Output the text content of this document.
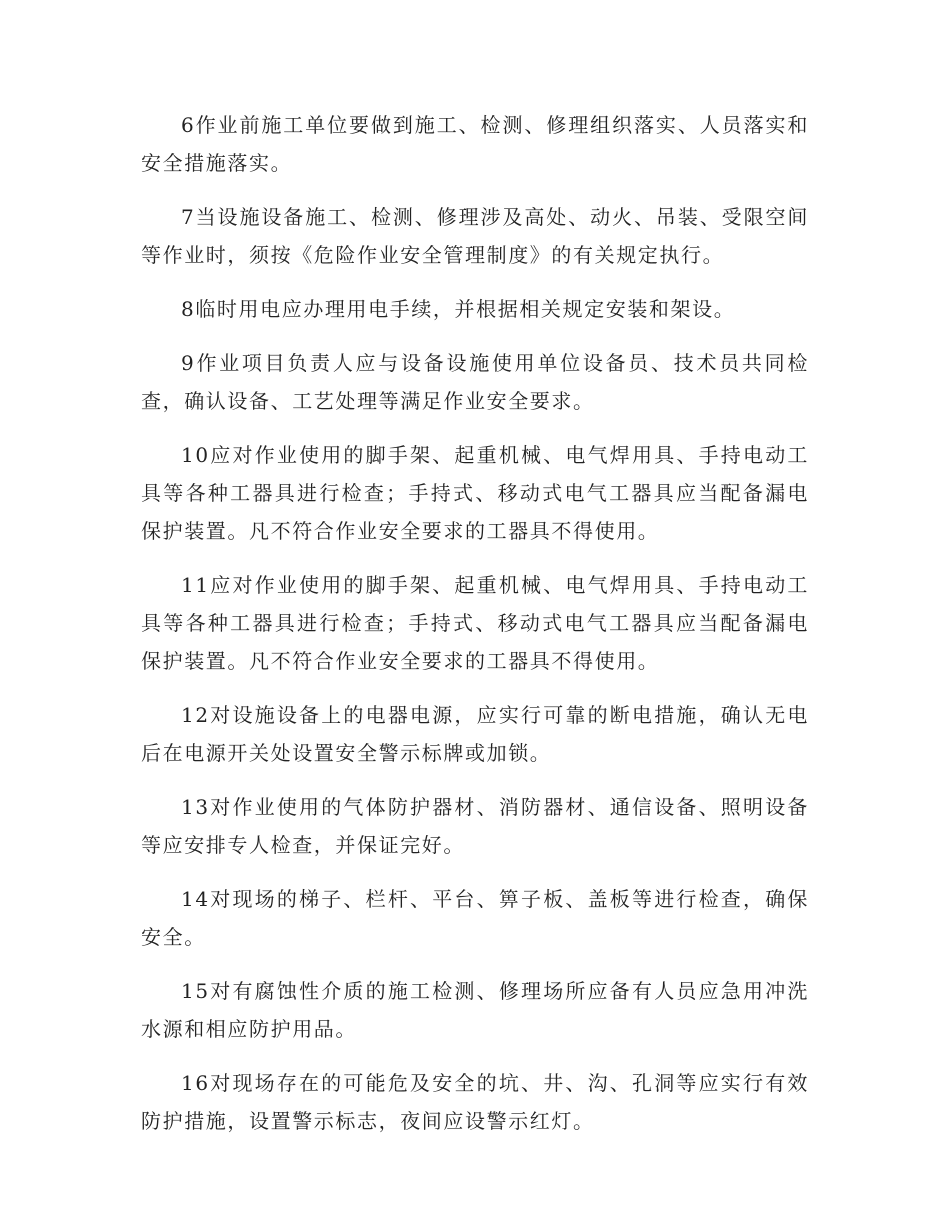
6作业前施工单位要做到施工、检测、修理组织落实、人员落实和安全措施落实。

7当设施设备施工、检测、修理涉及高处、动火、吊装、受限空间等作业时，须按《危险作业安全管理制度》的有关规定执行。

8临时用电应办理用电手续，并根据相关规定安装和架设。

9作业项目负责人应与设备设施使用单位设备员、技术员共同检查，确认设备、工艺处理等满足作业安全要求。

10应对作业使用的脚手架、起重机械、电气焊用具、手持电动工具等各种工器具进行检查；手持式、移动式电气工器具应当配备漏电保护装置。凡不符合作业安全要求的工器具不得使用。

11应对作业使用的脚手架、起重机械、电气焊用具、手持电动工具等各种工器具进行检查；手持式、移动式电气工器具应当配备漏电保护装置。凡不符合作业安全要求的工器具不得使用。

12对设施设备上的电器电源，应实行可靠的断电措施，确认无电后在电源开关处设置安全警示标牌或加锁。

13对作业使用的气体防护器材、消防器材、通信设备、照明设备等应安排专人检查，并保证完好。

14对现场的梯子、栏杆、平台、箅子板、盖板等进行检查，确保安全。

15对有腐蚀性介质的施工检测、修理场所应备有人员应急用冲洗水源和相应防护用品。

16对现场存在的可能危及安全的坑、井、沟、孔洞等应实行有效防护措施，设置警示标志，夜间应设警示红灯。
